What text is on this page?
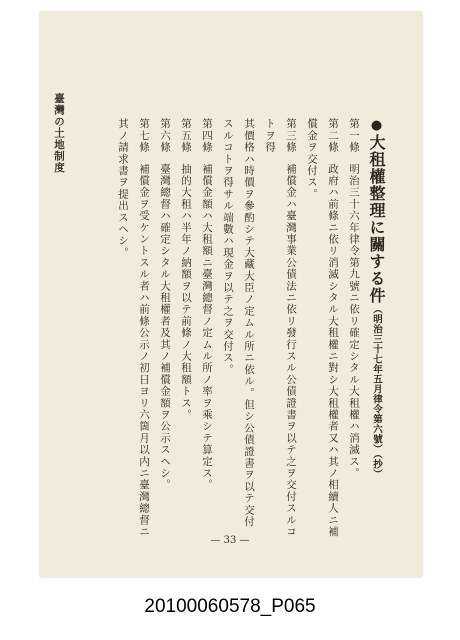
臺灣の土地制度	●大租權整理に關する件（明治三十七年五月律令第六號）（抄）

第一條明治三十六年律令第九號ニ依リ確定シタル大租權ハ消滅ス。

第二條政府ハ前條ニ依リ消滅シタル大租權ニ對シ大租權者又ハ其ノ相續人ニ補償金ヲ交付ス。

第三條補償金ハ臺灣事業公債法ニ依リ發行スル公債證書ヲ以テ之ヲ交付スルコトヲ得

其價格ハ時價ヲ參酌シテ大藏大臣ノ定ムル所ニ依ル。但シ公債證書ヲ以テ交付スルコトヲ得サル端數ハ現金ヲ以テ之ヲ交付ス。

第四條補償金額ハ大租額ニ臺灣總督ノ定ムル所ノ率ヲ乘シテ算定ス。

第五條抽的大租ハ半年ノ納額ヲ以テ前條ノ大租額トス。

第六條臺灣總督ハ確定シタル大租權者及其ノ補償金額ヲ公示スヘシ。

第七條補償金ヲ受ケントスル者ハ前條公示ノ初日ヨリ六箇月以内ニ臺灣總督ニ其ノ請求書ヲ提出スヘシ。

— 33 —
20100060578_P065
